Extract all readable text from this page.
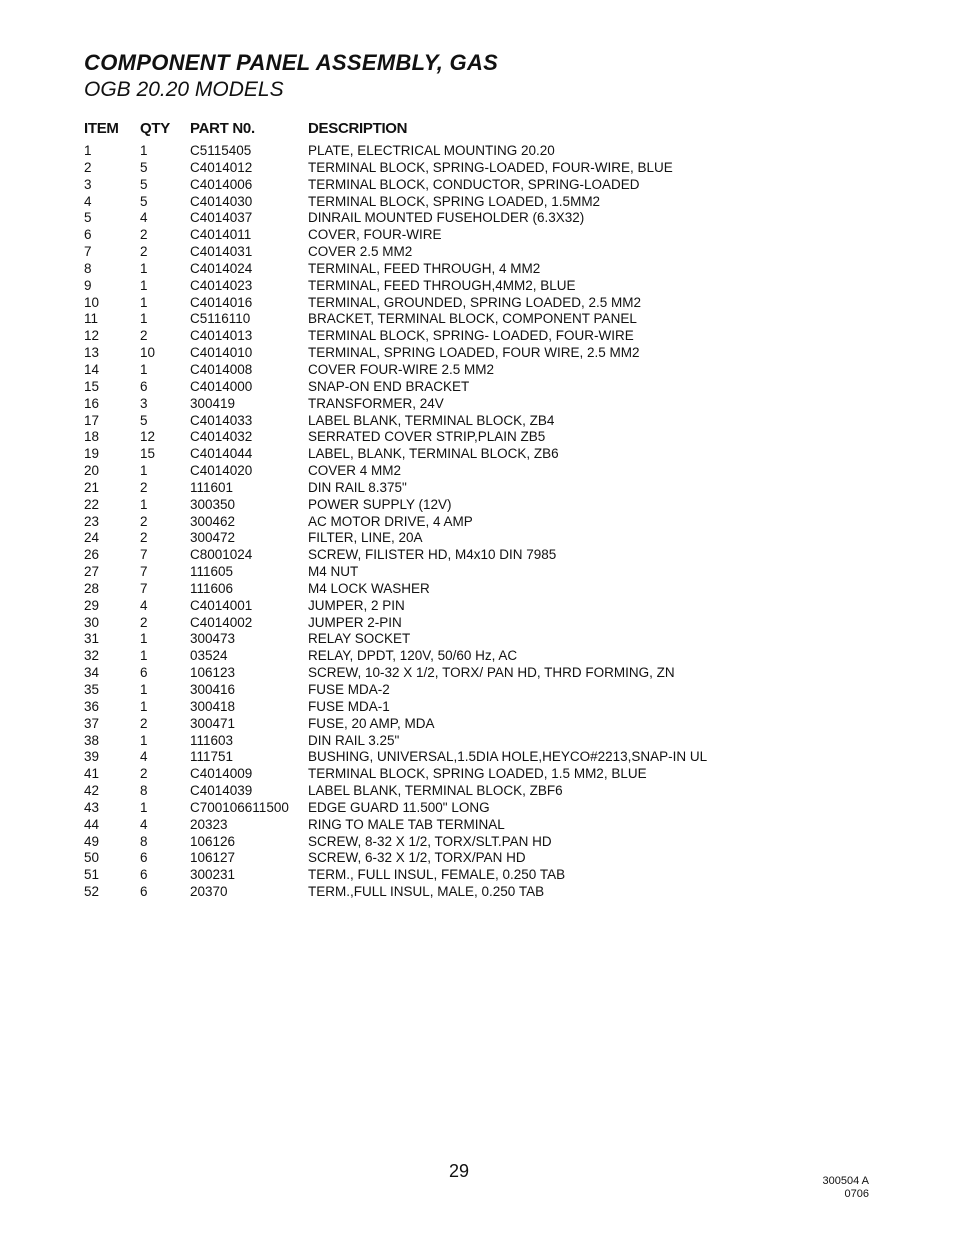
COMPONENT PANEL ASSEMBLY, GAS
OGB 20.20 MODELS
ITEM QTY PART N0.	DESCRIPTION
1	1	C5115405	PLATE, ELECTRICAL MOUNTING 20.20
2	5	C4014012	TERMINAL BLOCK, SPRING-LOADED, FOUR-WIRE, BLUE
3	5	C4014006	TERMINAL BLOCK, CONDUCTOR, SPRING-LOADED
4	5	C4014030	TERMINAL BLOCK, SPRING LOADED, 1.5MM2
5	4	C4014037	DINRAIL MOUNTED FUSEHOLDER (6.3X32)
6	2	C4014011	COVER, FOUR-WIRE
7	2	C4014031	COVER 2.5 MM2
8	1	C4014024	TERMINAL, FEED THROUGH, 4 MM2
9	1	C4014023	TERMINAL, FEED THROUGH,4MM2, BLUE
10	1	C4014016	TERMINAL, GROUNDED, SPRING LOADED, 2.5 MM2
11	1	C5116110	BRACKET, TERMINAL BLOCK, COMPONENT PANEL
12	2	C4014013	TERMINAL BLOCK, SPRING- LOADED, FOUR-WIRE
13	10	C4014010	TERMINAL, SPRING LOADED, FOUR WIRE, 2.5 MM2
14	1	C4014008	COVER FOUR-WIRE 2.5 MM2
15	6	C4014000	SNAP-ON END BRACKET
16	3	300419	TRANSFORMER, 24V
17	5	C4014033	LABEL BLANK, TERMINAL BLOCK, ZB4
18	12	C4014032	SERRATED COVER STRIP,PLAIN ZB5
19	15	C4014044	LABEL, BLANK, TERMINAL BLOCK, ZB6
20	1	C4014020	COVER 4 MM2
21	2	111601	DIN RAIL 8.375"
22	1	300350	POWER SUPPLY (12V)
23	2	300462	AC MOTOR DRIVE, 4 AMP
24	2	300472	FILTER, LINE, 20A
26	7	C8001024	SCREW, FILISTER HD, M4x10 DIN 7985
27	7	111605	M4 NUT
28	7	111606	M4 LOCK WASHER
29	4	C4014001	JUMPER, 2 PIN
30	2	C4014002	JUMPER 2-PIN
31	1	300473	RELAY SOCKET
32	1	03524	RELAY, DPDT, 120V, 50/60 Hz, AC
34	6	106123	SCREW, 10-32 X 1/2, TORX/ PAN HD, THRD FORMING, ZN
35	1	300416	FUSE MDA-2
36	1	300418	FUSE MDA-1
37	2	300471	FUSE, 20 AMP, MDA
38	1	111603	DIN RAIL 3.25"
39	4	111751	BUSHING, UNIVERSAL,1.5DIA HOLE,HEYCO#2213,SNAP-IN UL
41	2	C4014009	TERMINAL BLOCK, SPRING LOADED, 1.5 MM2, BLUE
42	8	C4014039	LABEL BLANK, TERMINAL BLOCK, ZBF6
43	1	C700106611500 EDGE GUARD 11.500" LONG
44	4	20323	RING TO MALE TAB TERMINAL
49	8	106126	SCREW, 8-32 X 1/2, TORX/SLT.PAN HD
50	6	106127	SCREW, 6-32 X 1/2, TORX/PAN HD
51	6	300231	TERM., FULL INSUL, FEMALE, 0.250 TAB
52	6	20370	TERM.,FULL INSUL, MALE, 0.250 TAB
29	300504 A
0706
